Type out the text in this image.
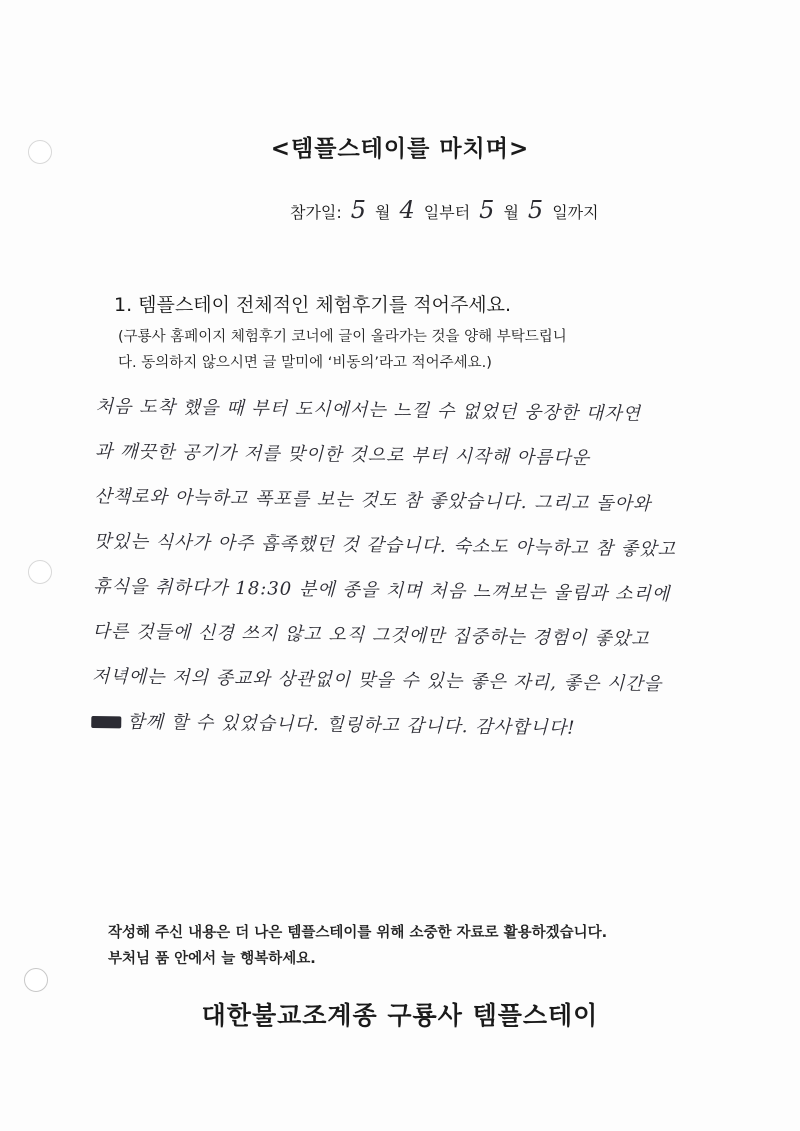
<템플스테이를 마치며>
참가일: 5 월 4 일부터 5 월 5 일까지
1. 템플스테이 전체적인 체험후기를 적어주세요.
(구룡사 홈페이지 체험후기 코너에 글이 올라가는 것을 양해 부탁드립니
다. 동의하지 않으시면 글 말미에 ‘비동의’라고 적어주세요.)
처음 도착 했을 때 부터 도시에서는 느낄 수 없었던 웅장한 대자연
과 깨끗한 공기가 저를 맞이한 것으로 부터 시작해 아름다운
산책로와 아늑하고 폭포를 보는 것도 참 좋았습니다. 그리고 돌아와
맛있는 식사가 아주 흡족했던 것 같습니다. 숙소도 아늑하고 참 좋았고
휴식을 취하다가 18:30 분에 종을 치며 처음 느껴보는 울림과 소리에
다른 것들에 신경 쓰지 않고 오직 그것에만 집중하는 경험이 좋았고
저녁에는 저의 종교와 상관없이 맞을 수 있는 좋은 자리, 좋은 시간을
함께 할 수 있었습니다. 힐링하고 갑니다. 감사합니다!
작성해 주신 내용은 더 나은 템플스테이를 위해 소중한 자료로 활용하겠습니다.
부처님 품 안에서 늘 행복하세요.
대한불교조계종 구룡사 템플스테이
